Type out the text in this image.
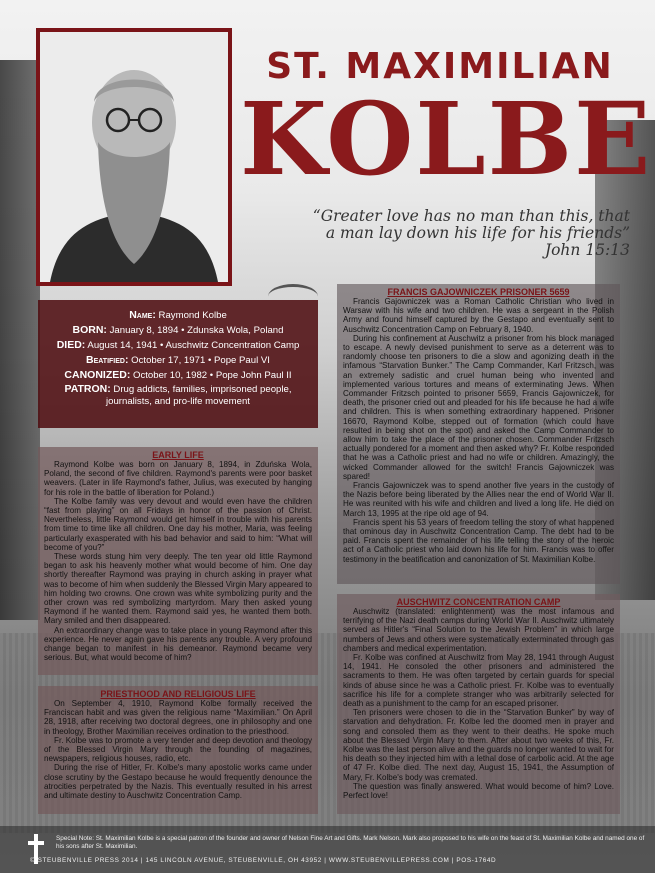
ST. MAXIMILIAN
KOLBE
“Greater love has no man than this, that
a man lay down his life for his friends”
John 15:13
Name: Raymond Kolbe
BORN: January 8, 1894 • Zdunska Wola, Poland
DIED: August 14, 1941 • Auschwitz Concentration Camp
Beatified: October 17, 1971 • Pope Paul VI
CANONIZED: October 10, 1982 • Pope John Paul II
PATRON: Drug addicts, families, imprisoned people, journalists, and pro-life movement
EARLY LIFE

Raymond Kolbe was born on January 8, 1894, in Zduńska Wola, Poland, the second of five children. Raymond's parents were poor basket weavers. (Later in life Raymond's father, Julius, was executed by hanging for his role in the battle of liberation for Poland.)

The Kolbe family was very devout and would even have the children “fast from playing” on all Fridays in honor of the passion of Christ. Nevertheless, little Raymond would get himself in trouble with his parents from time to time like all children. One day his mother, Maria, was feeling particularly exasperated with his bad behavior and said to him: “What will become of you?”

These words stung him very deeply. The ten year old little Raymond began to ask his heavenly mother what would become of him. One day shortly thereafter Raymond was praying in church asking in prayer what was to become of him when suddenly the Blessed Virgin Mary appeared to him holding two crowns. One crown was white symbolizing purity and the other crown was red symbolizing martyrdom. Mary then asked young Raymond if he wanted them. Raymond said yes, he wanted them both. Mary smiled and then disappeared.

An extraordinary change was to take place in young Raymond after this experience. He never again gave his parents any trouble. A very profound change began to manifest in his demeanor. Raymond became very serious. But, what would become of him?

PRIESTHOOD AND RELIGIOUS LIFE

On September 4, 1910, Raymond Kolbe formally received the Franciscan habit and was given the religious name “Maximilian.” On April 28, 1918, after receiving two doctoral degrees, one in philosophy and one in theology, Brother Maximilian receives ordination to the priesthood.

Fr. Kolbe was to promote a very tender and deep devotion and theology of the Blessed Virgin Mary through the founding of magazines, newspapers, religious houses, radio, etc.

During the rise of Hitler, Fr. Kolbe's many apostolic works came under close scrutiny by the Gestapo because he would frequently denounce the atrocities perpetrated by the Nazis. This eventually resulted in his arrest and ultimate destiny to Auschwitz Concentration Camp.

FRANCIS GAJOWNICZEK PRISONER 5659

Francis Gajowniczek was a Roman Catholic Christian who lived in Warsaw with his wife and two children. He was a sergeant in the Polish Army and found himself captured by the Gestapo and eventually sent to Auschwitz Concentration Camp on February 8, 1940.

During his confinement at Auschwitz a prisoner from his block managed to escape. A newly devised punishment to serve as a deterrent was to randomly choose ten prisoners to die a slow and agonizing death in the infamous “Starvation Bunker.” The Camp Commander, Karl Fritzsch, was an extremely sadistic and cruel human being who invented and implemented various tortures and means of exterminating Jews. When Commander Fritzsch pointed to prisoner 5659, Francis Gajowniczek, for death, the prisoner cried out and pleaded for his life because he had a wife and children. This is when something extraordinary happened. Prisoner 16670, Raymond Kolbe, stepped out of formation (which could have resulted in being shot on the spot) and asked the Camp Commander to allow him to take the place of the prisoner chosen. Commander Fritzsch actually pondered for a moment and then asked why? Fr. Kolbe responded that he was a Catholic priest and had no wife or children. Amazingly, the wicked Commander allowed for the switch! Francis Gajowniczek was spared!

Francis Gajowniczek was to spend another five years in the custody of the Nazis before being liberated by the Allies near the end of World War II. He was reunited with his wife and children and lived a long life. He died on March 13, 1995 at the ripe old age of 94.

Francis spent his 53 years of freedom telling the story of what happened that ominous day in Auschwitz Concentration Camp. The debt had to be paid. Francis spent the remainder of his life telling the story of the heroic act of a Catholic priest who laid down his life for him. Francis was to offer testimony in the beatification and canonization of St. Maximilian Kolbe.

AUSCHWITZ CONCENTRATION CAMP

Auschwitz (translated: enlightenment) was the most infamous and terrifying of the Nazi death camps during World War II. Auschwitz ultimately served as Hitler's “Final Solution to the Jewish Problem” in which large numbers of Jews and others were systematically exterminated through gas chambers and medical experimentation.

Fr. Kolbe was confined at Auschwitz from May 28, 1941 through August 14, 1941. He consoled the other prisoners and administered the sacraments to them. He was often targeted by certain guards for special kinds of abuse since he was a Catholic priest. Fr. Kolbe was to eventually sacrifice his life for a complete stranger who was arbitrarily selected for death as a punishment to the camp for an escaped prisoner.

Ten prisoners were chosen to die in the “Starvation Bunker” by way of starvation and dehydration. Fr. Kolbe led the doomed men in prayer and song and consoled them as they went to their deaths. He spoke much about the Blessed Virgin Mary to them. After about two weeks of this, Fr. Kolbe was the last person alive and the guards no longer wanted to wait for his death so they injected him with a lethal dose of carbolic acid. At the age of 47 Fr. Kolbe died. The next day, August 15, 1941, the Assumption of Mary, Fr. Kolbe's body was cremated.

The question was finally answered. What would become of him? Love. Perfect love!

Special Note: St. Maximilian Kolbe is a special patron of the founder and owner of Nelson Fine Art and Gifts. Mark Nelson. Mark also proposed to his wife on the feast of St. Maximilian Kolbe and named one of his sons after St. Maximilian.
© STEUBENVILLE PRESS 2014 | 145 LINCOLN AVENUE, STEUBENVILLE, OH 43952 | WWW.STEUBENVILLEPRESS.COM | POS-1764D
